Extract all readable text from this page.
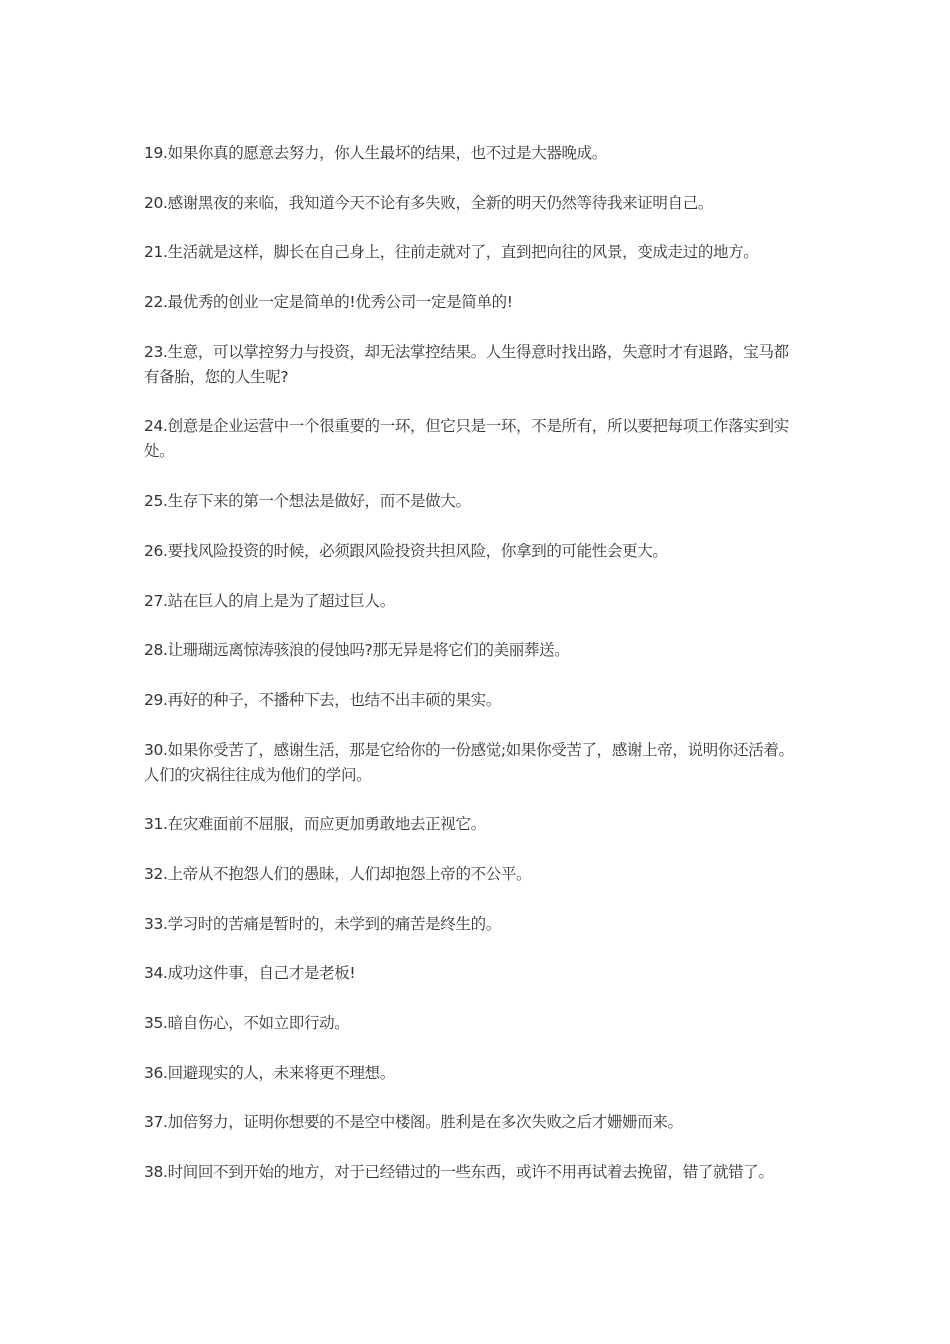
19.如果你真的愿意去努力，你人生最坏的结果，也不过是大器晚成。

20.感谢黑夜的来临，我知道今天不论有多失败，全新的明天仍然等待我来证明自己。

21.生活就是这样，脚长在自己身上，往前走就对了，直到把向往的风景，变成走过的地方。

22.最优秀的创业一定是简单的!优秀公司一定是简单的!

23.生意，可以掌控努力与投资，却无法掌控结果。人生得意时找出路，失意时才有退路，宝马都有备胎，您的人生呢?

24.创意是企业运营中一个很重要的一环，但它只是一环，不是所有，所以要把每项工作落实到实处。

25.生存下来的第一个想法是做好，而不是做大。

26.要找风险投资的时候，必须跟风险投资共担风险，你拿到的可能性会更大。

27.站在巨人的肩上是为了超过巨人。

28.让珊瑚远离惊涛骇浪的侵蚀吗?那无异是将它们的美丽葬送。

29.再好的种子，不播种下去，也结不出丰硕的果实。

30.如果你受苦了，感谢生活，那是它给你的一份感觉;如果你受苦了，感谢上帝，说明你还活着。人们的灾祸往往成为他们的学问。

31.在灾难面前不屈服，而应更加勇敢地去正视它。

32.上帝从不抱怨人们的愚昧，人们却抱怨上帝的不公平。

33.学习时的苦痛是暂时的，未学到的痛苦是终生的。

34.成功这件事，自己才是老板!

35.暗自伤心，不如立即行动。

36.回避现实的人，未来将更不理想。

37.加倍努力，证明你想要的不是空中楼阁。胜利是在多次失败之后才姗姗而来。

38.时间回不到开始的地方，对于已经错过的一些东西，或许不用再试着去挽留，错了就错了。
